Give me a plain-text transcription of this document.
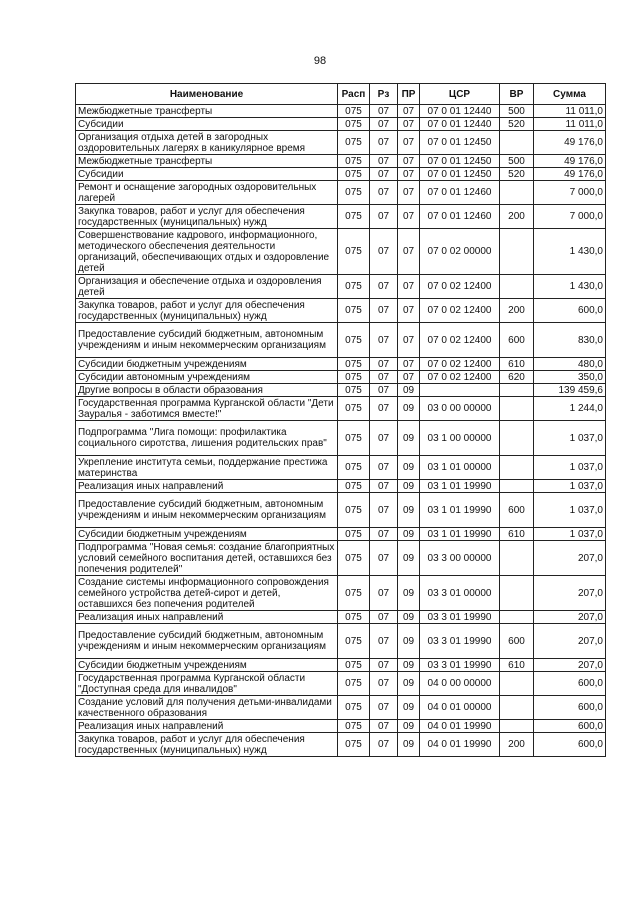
98
Наименование	Расп	Рз	ПР	ЦСР	ВР	Сумма
Межбюджетные трансферты	075	07	07	07 0 01 12440	500	11 011,0
Субсидии	075	07	07	07 0 01 12440	520	11 011,0
Организация отдыха детей в загородных оздоровительных лагерях в каникулярное время	075	07	07	07 0 01 12450		49 176,0
Межбюджетные трансферты	075	07	07	07 0 01 12450	500	49 176,0
Субсидии	075	07	07	07 0 01 12450	520	49 176,0
Ремонт и оснащение загородных оздоровительных лагерей	075	07	07	07 0 01 12460		7 000,0
Закупка товаров, работ и услуг для обеспечения государственных (муниципальных) нужд	075	07	07	07 0 01 12460	200	7 000,0
Совершенствование кадрового, информационного, методического обеспечения деятельности организаций, обеспечивающих отдых и оздоровление детей	075	07	07	07 0 02 00000		1 430,0
Организация и обеспечение отдыха и оздоровления детей	075	07	07	07 0 02 12400		1 430,0
Закупка товаров, работ и услуг для обеспечения государственных (муниципальных) нужд	075	07	07	07 0 02 12400	200	600,0
Предоставление субсидий бюджетным, автономным учреждениям и иным некоммерческим организациям	075	07	07	07 0 02 12400	600	830,0
Субсидии бюджетным учреждениям	075	07	07	07 0 02 12400	610	480,0
Субсидии автономным учреждениям	075	07	07	07 0 02 12400	620	350,0
Другие вопросы в области образования	075	07	09			139 459,6
Государственная программа Курганской области "Дети Зауралья - заботимся вместе!"	075	07	09	03 0 00 00000		1 244,0
Подпрограмма "Лига помощи: профилактика социального сиротства, лишения родительских прав"	075	07	09	03 1 00 00000		1 037,0
Укрепление института семьи, поддержание престижа материнства	075	07	09	03 1 01 00000		1 037,0
Реализация иных направлений	075	07	09	03 1 01 19990		1 037,0
Предоставление субсидий бюджетным, автономным учреждениям и иным некоммерческим организациям	075	07	09	03 1 01 19990	600	1 037,0
Субсидии бюджетным учреждениям	075	07	09	03 1 01 19990	610	1 037,0
Подпрограмма "Новая семья: создание благоприятных условий семейного воспитания детей, оставшихся без попечения родителей"	075	07	09	03 3 00 00000		207,0
Создание системы информационного сопровождения семейного устройства детей-сирот и детей, оставшихся без попечения родителей	075	07	09	03 3 01 00000		207,0
Реализация иных направлений	075	07	09	03 3 01 19990		207,0
Предоставление субсидий бюджетным, автономным учреждениям и иным некоммерческим организациям	075	07	09	03 3 01 19990	600	207,0
Субсидии бюджетным учреждениям	075	07	09	03 3 01 19990	610	207,0
Государственная программа Курганской области "Доступная среда для инвалидов"	075	07	09	04 0 00 00000		600,0
Создание условий для получения детьми-инвалидами качественного образования	075	07	09	04 0 01 00000		600,0
Реализация иных направлений	075	07	09	04 0 01 19990		600,0
Закупка товаров, работ и услуг для обеспечения государственных (муниципальных) нужд	075	07	09	04 0 01 19990	200	600,0
